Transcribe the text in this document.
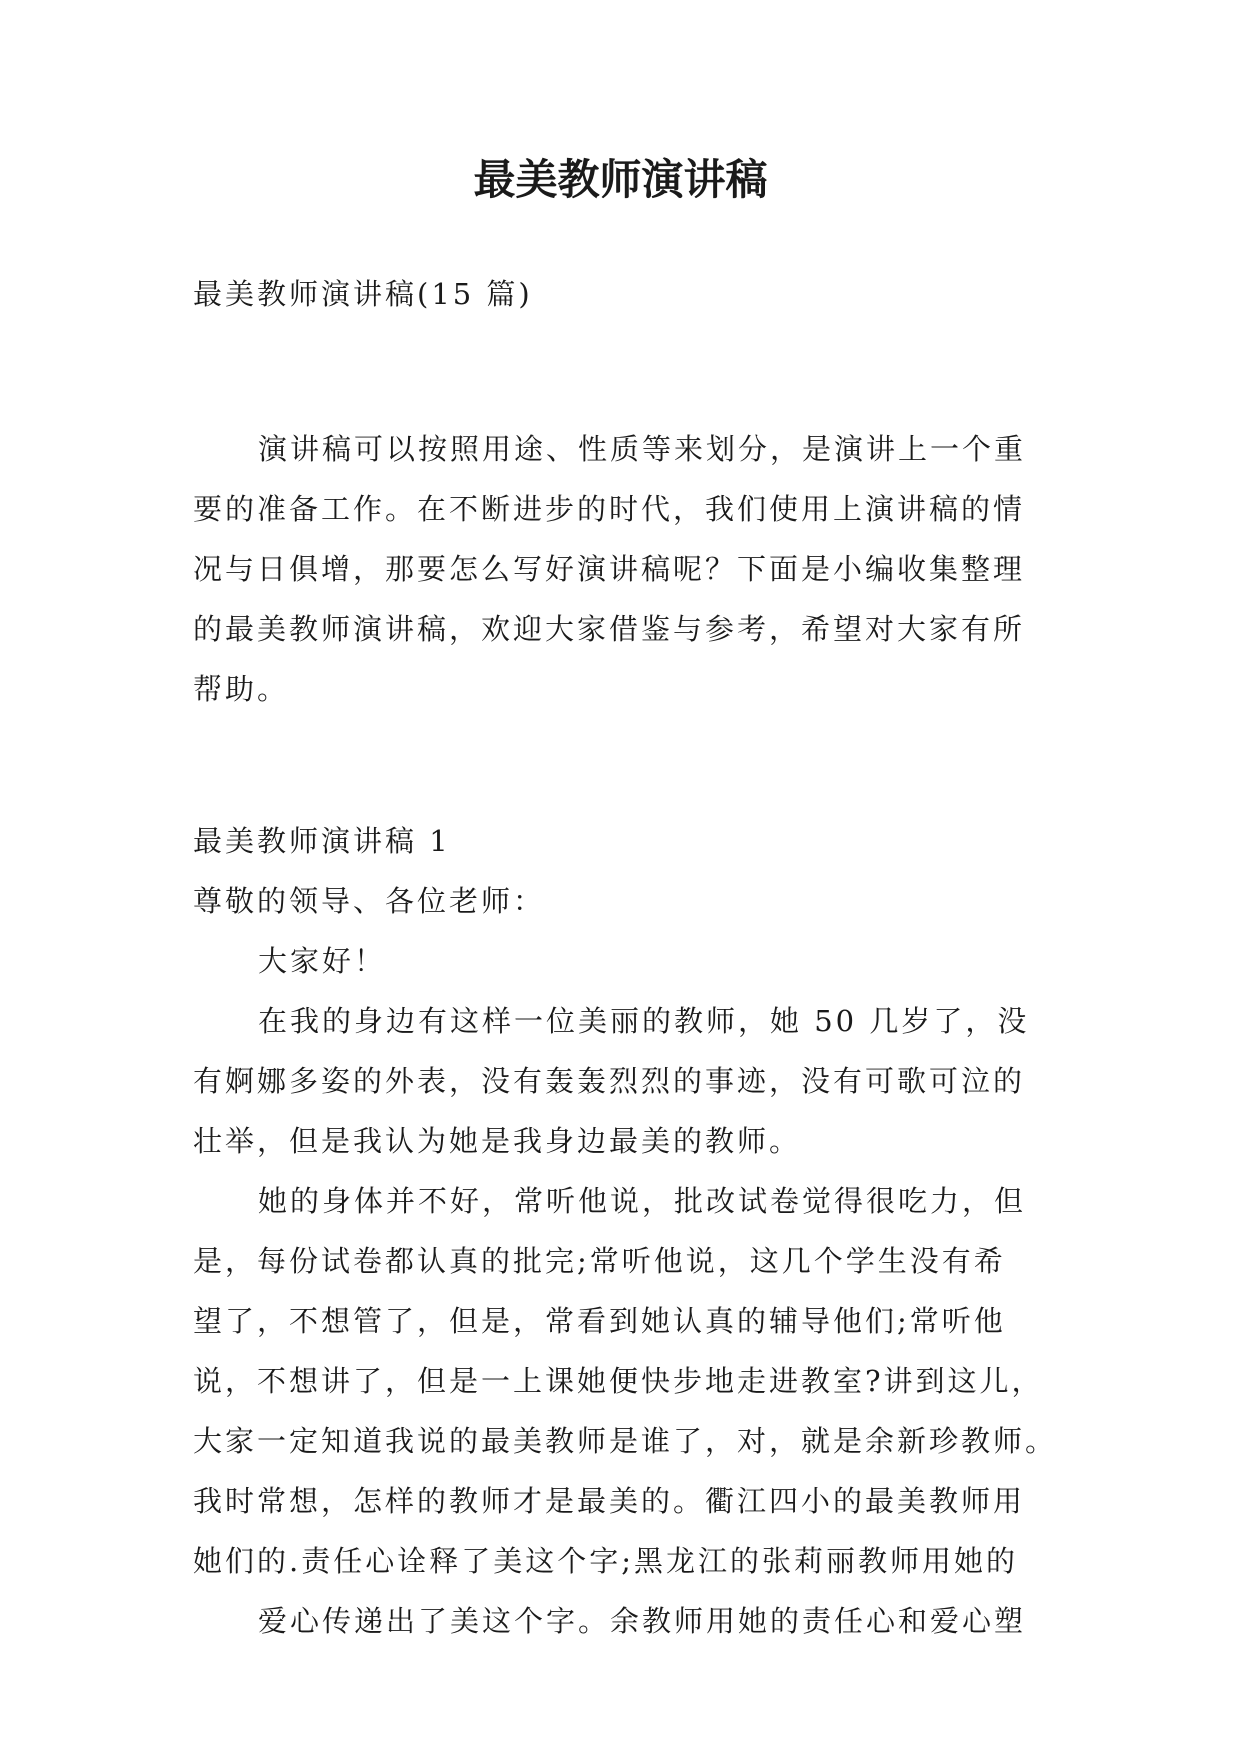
最美教师演讲稿
最美教师演讲稿(15 篇)
演讲稿可以按照用途、性质等来划分，是演讲上一个重
要的准备工作。在不断进步的时代，我们使用上演讲稿的情
况与日俱增，那要怎么写好演讲稿呢？下面是小编收集整理
的最美教师演讲稿，欢迎大家借鉴与参考，希望对大家有所
帮助。
最美教师演讲稿 1
尊敬的领导、各位老师：
大家好！
在我的身边有这样一位美丽的教师，她 50 几岁了，没
有婀娜多姿的外表，没有轰轰烈烈的事迹，没有可歌可泣的
壮举，但是我认为她是我身边最美的教师。
她的身体并不好，常听他说，批改试卷觉得很吃力，但
是，每份试卷都认真的批完;常听他说，这几个学生没有希
望了，不想管了，但是，常看到她认真的辅导他们;常听他
说，不想讲了，但是一上课她便快步地走进教室?讲到这儿，
大家一定知道我说的最美教师是谁了，对，就是余新珍教师。
我时常想，怎样的教师才是最美的。衢江四小的最美教师用
她们的.责任心诠释了美这个字;黑龙江的张莉丽教师用她的
爱心传递出了美这个字。余教师用她的责任心和爱心塑
